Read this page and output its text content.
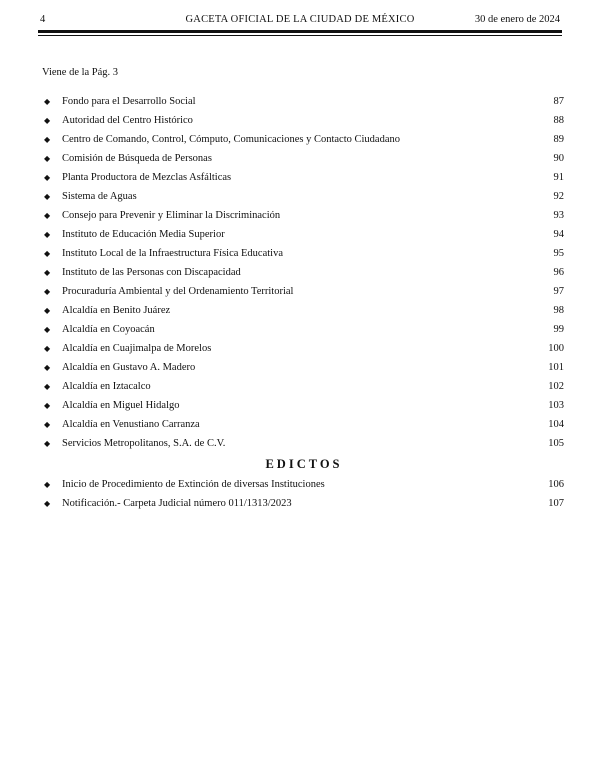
4	GACETA OFICIAL DE LA CIUDAD DE MÉXICO	30 de enero de 2024
Viene de la Pág. 3
◆ Fondo para el Desarrollo Social	87
◆ Autoridad del Centro Histórico	88
◆ Centro de Comando, Control, Cómputo, Comunicaciones y Contacto Ciudadano	89
◆ Comisión de Búsqueda de Personas	90
◆ Planta Productora de Mezclas Asfálticas	91
◆ Sistema de Aguas	92
◆ Consejo para Prevenir y Eliminar la Discriminación	93
◆ Instituto de Educación Media Superior	94
◆ Instituto Local de la Infraestructura Física Educativa	95
◆ Instituto de las Personas con Discapacidad	96
◆ Procuraduría Ambiental y del Ordenamiento Territorial	97
◆ Alcaldía en Benito Juárez	98
◆ Alcaldía en Coyoacán	99
◆ Alcaldía en Cuajimalpa de Morelos	100
◆ Alcaldía en Gustavo A. Madero	101
◆ Alcaldía en Iztacalco	102
◆ Alcaldía en Miguel Hidalgo	103
◆ Alcaldía en Venustiano Carranza	104
◆ Servicios Metropolitanos, S.A. de C.V.	105
EDICTOS
◆ Inicio de Procedimiento de Extinción de diversas Instituciones	106
◆ Notificación.- Carpeta Judicial número 011/1313/2023	107
